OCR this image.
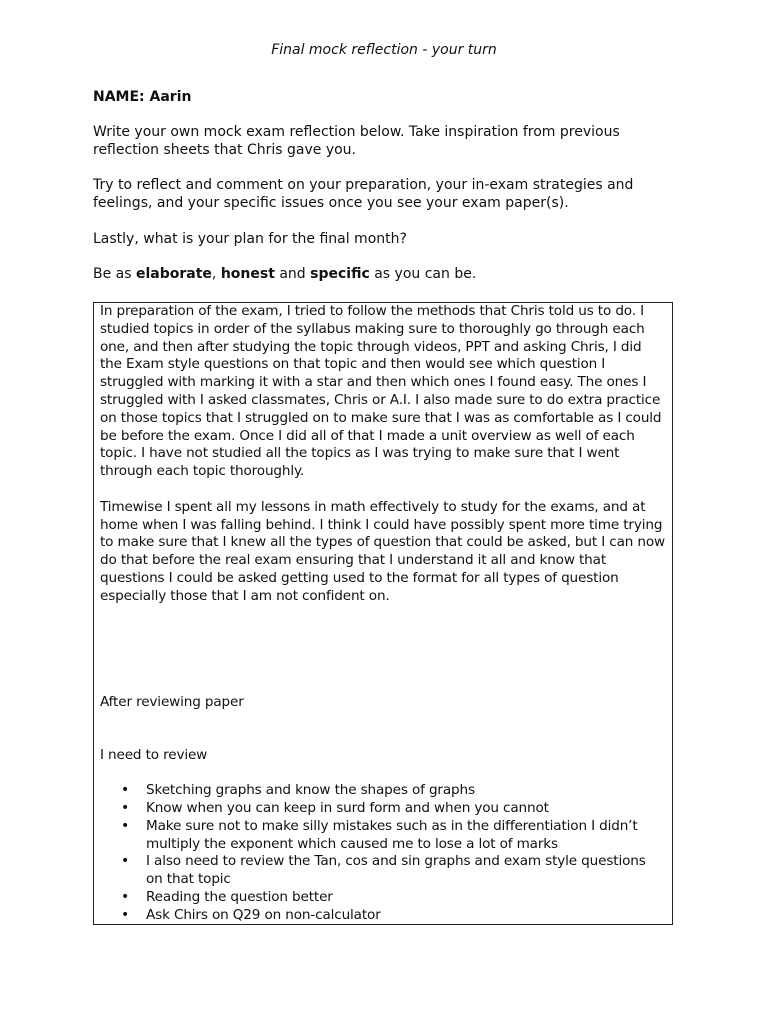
Final mock reflection - your turn
NAME: Aarin
Write your own mock exam reflection below. Take inspiration from previous reflection sheets that Chris gave you.
Try to reflect and comment on your preparation, your in-exam strategies and feelings, and your specific issues once you see your exam paper(s).
Lastly, what is your plan for the final month?
Be as elaborate, honest and specific as you can be.

In preparation of the exam, I tried to follow the methods that Chris told us to do. I studied topics in order of the syllabus making sure to thoroughly go through each one, and then after studying the topic through videos, PPT and asking Chris, I did the Exam style questions on that topic and then would see which question I struggled with marking it with a star and then which ones I found easy. The ones I struggled with I asked classmates, Chris or A.I. I also made sure to do extra practice on those topics that I struggled on to make sure that I was as comfortable as I could be before the exam. Once I did all of that I made a unit overview as well of each topic. I have not studied all the topics as I was trying to make sure that I went through each topic thoroughly.

Timewise I spent all my lessons in math effectively to study for the exams, and at home when I was falling behind. I think I could have possibly spent more time trying to make sure that I knew all the types of question that could be asked, but I can now do that before the real exam ensuring that I understand it all and know that questions I could be asked getting used to the format for all types of question especially those that I am not confident on.

After reviewing paper

I need to review

• Sketching graphs and know the shapes of graphs
• Know when you can keep in surd form and when you cannot
• Make sure not to make silly mistakes such as in the differentiation I didn’t multiply the exponent which caused me to lose a lot of marks
• I also need to review the Tan, cos and sin graphs and exam style questions on that topic
• Reading the question better
• Ask Chirs on Q29 on non-calculator
